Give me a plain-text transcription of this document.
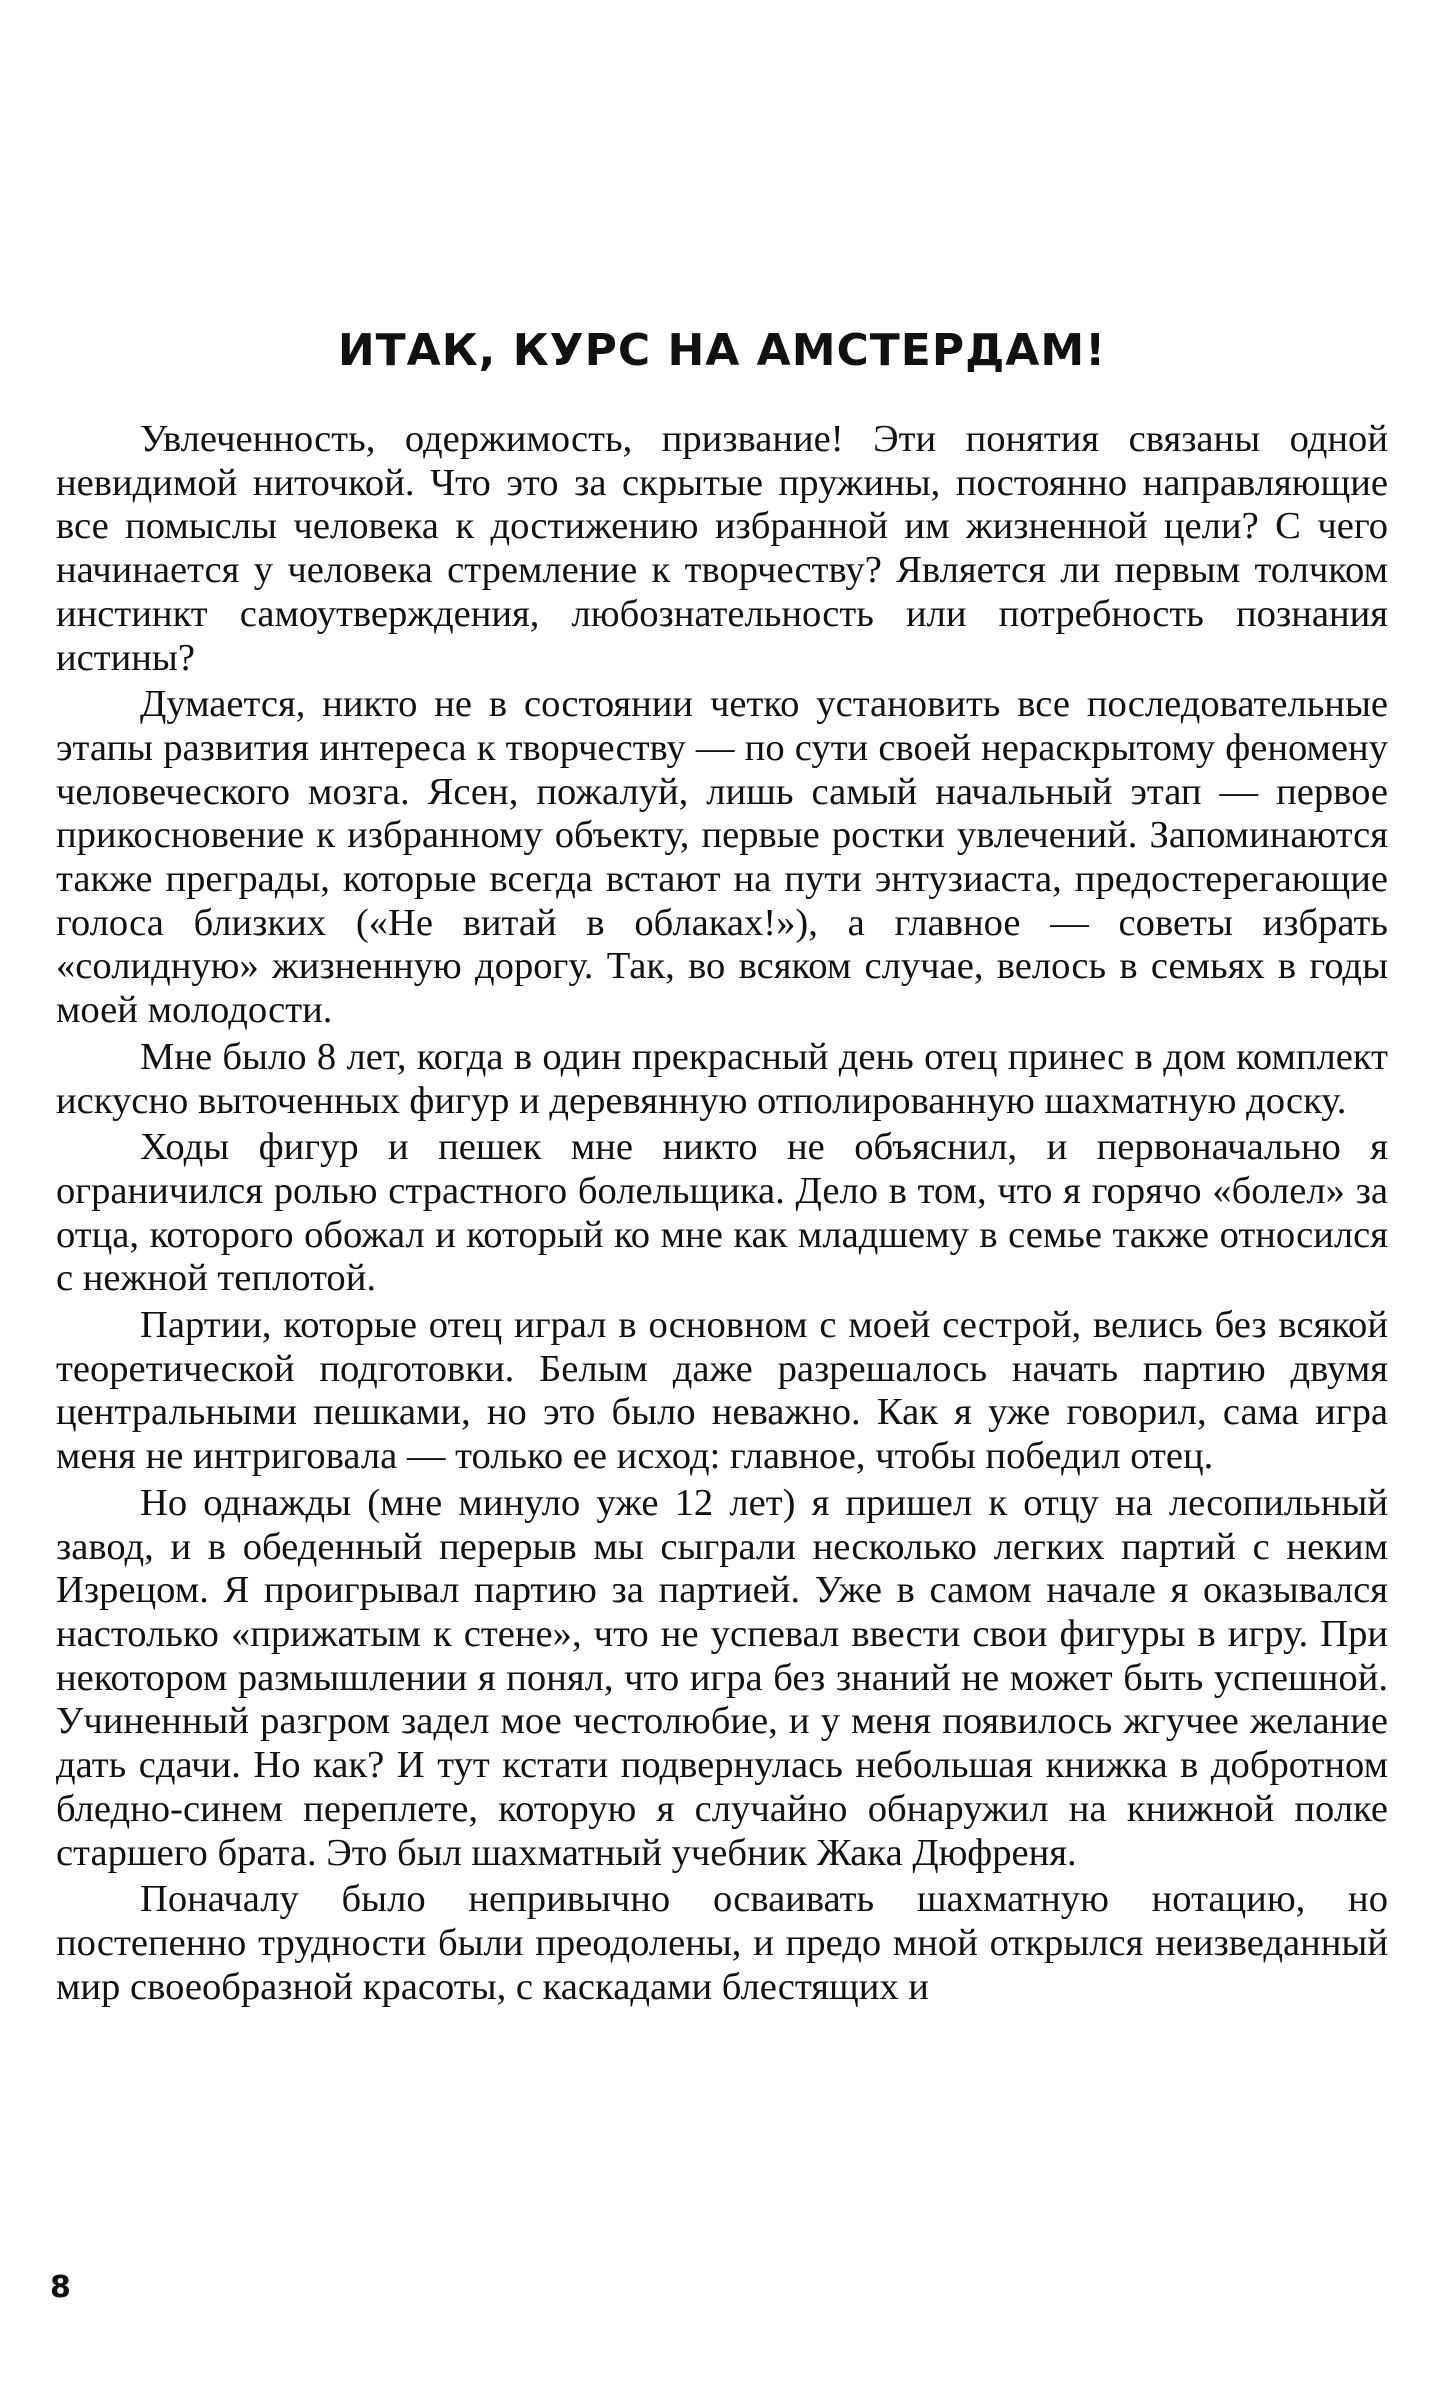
ИТАК, КУРС НА АМСТЕРДАМ!

Увлеченность, одержимость, призвание! Эти понятия связаны одной невидимой ниточкой. Что это за скрытые пружины, постоянно направляющие все помыслы человека к достижению избранной им жизненной цели? С чего начинается у человека стремление к творчеству? Является ли первым толчком инстинкт самоутверждения, любознательность или потребность познания истины?

Думается, никто не в состоянии четко установить все последовательные этапы развития интереса к творчеству — по сути своей нераскрытому феномену человеческого мозга. Ясен, пожалуй, лишь самый начальный этап — первое прикосновение к избранному объекту, первые ростки увлечений. Запоминаются также преграды, которые всегда встают на пути энтузиаста, предостерегающие голоса близких («Не витай в облаках!»), а главное — советы избрать «солидную» жизненную дорогу. Так, во всяком случае, велось в семьях в годы моей молодости.

Мне было 8 лет, когда в один прекрасный день отец принес в дом комплект искусно выточенных фигур и деревянную отполированную шахматную доску.

Ходы фигур и пешек мне никто не объяснил, и первоначально я ограничился ролью страстного болельщика. Дело в том, что я горячо «болел» за отца, которого обожал и который ко мне как младшему в семье также относился с нежной теплотой.

Партии, которые отец играл в основном с моей сестрой, велись без всякой теоретической подготовки. Белым даже разрешалось начать партию двумя центральными пешками, но это было неважно. Как я уже говорил, сама игра меня не интриговала — только ее исход: главное, чтобы победил отец.

Но однажды (мне минуло уже 12 лет) я пришел к отцу на лесопильный завод, и в обеденный перерыв мы сыграли несколько легких партий с неким Изрецом. Я проигрывал партию за партией. Уже в самом начале я оказывался настолько «прижатым к стене», что не успевал ввести свои фигуры в игру. При некотором размышлении я понял, что игра без знаний не может быть успешной. Учиненный разгром задел мое честолюбие, и у меня появилось жгучее желание дать сдачи. Но как? И тут кстати подвернулась небольшая книжка в добротном бледно-синем переплете, которую я случайно обнаружил на книжной полке старшего брата. Это был шахматный учебник Жака Дюфреня.

Поначалу было непривычно осваивать шахматную нотацию, но постепенно трудности были преодолены, и предо мной открылся неизведанный мир своеобразной красоты, с каскадами блестящих и

8
